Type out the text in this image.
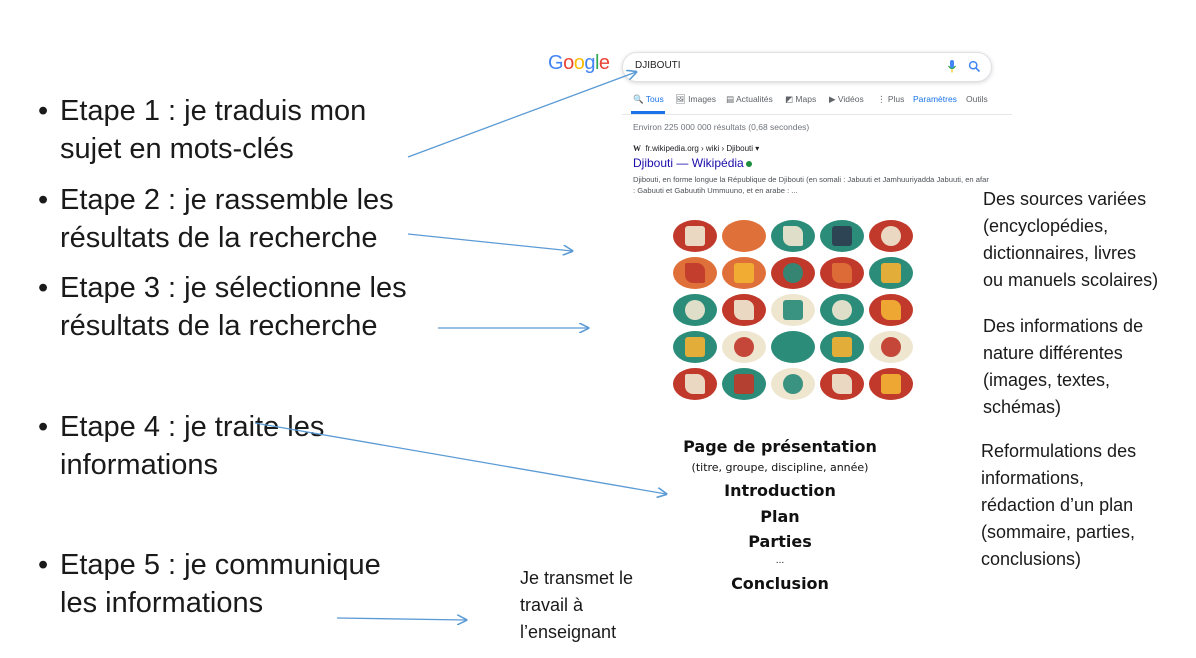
• Etape 1 : je traduis mon
sujet en mots-clés
• Etape 2 : je rassemble les
résultats de la recherche
• Etape 3 : je sélectionne les
résultats de la recherche
• Etape 4 : je traite les
informations
• Etape 5 : je communique
les informations
Google	DJIBOUTI
🔍 Tous 🖼 Images ▤ Actualités ◩ Maps ▶ Vidéos ⋮ Plus Paramètres Outils
Environ 225 000 000 résultats (0,68 secondes)
W fr.wikipedia.org › wiki › Djibouti ▾
Djibouti — Wikipédia
Djibouti, en forme longue la République de Djibouti (en somali : Jabuuti et Jamhuuriyadda Jabuuti, en afar : Gabuuti et Gabuutih Ummuuno, et en arabe : ...
Page de présentation
(titre, groupe, discipline, année)
Introduction
Plan
Parties
...
Conclusion
Des sources variées
(encyclopédies,
dictionnaires, livres
ou manuels scolaires)
Des informations de
nature différentes
(images, textes,
schémas)
Reformulations des
informations,
rédaction d’un plan
(sommaire, parties,
conclusions)
Je transmet le
travail à
l’enseignant
